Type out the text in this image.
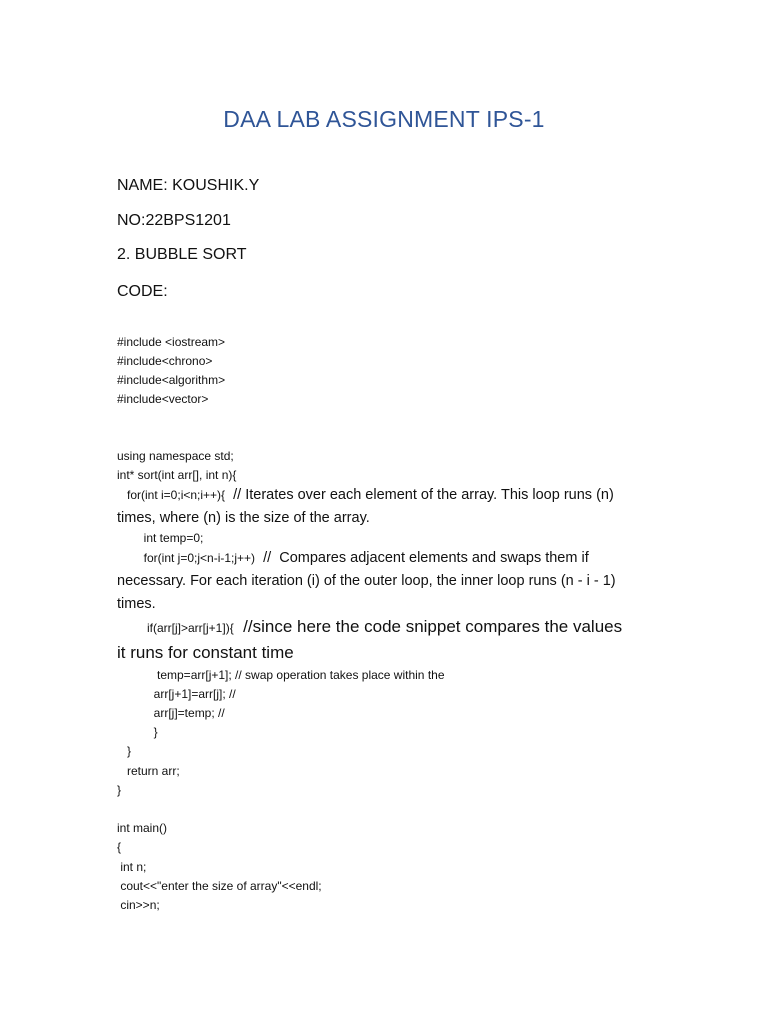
DAA LAB ASSIGNMENT IPS-1
NAME: KOUSHIK.Y
NO:22BPS1201
2. BUBBLE SORT
CODE:
#include <iostream>
#include<chrono>
#include<algorithm>
#include<vector>
using namespace std;
int* sort(int arr[], int n){
for(int i=0;i<n;i++){ // Iterates over each element of the array. This loop runs (n)
times, where (n) is the size of the array.
int temp=0;
for(int j=0;j<n-i-1;j++) //  Compares adjacent elements and swaps them if
necessary. For each iteration (i) of the outer loop, the inner loop runs (n - i - 1)
times.
if(arr[j]>arr[j+1]){ //since here the code snippet compares the values
it runs for constant time
temp=arr[j+1]; // swap operation takes place within the
arr[j+1]=arr[j]; //
arr[j]=temp; //
}
}
return arr;
}
int main()
{
int n;
cout<<"enter the size of array"<<endl;
cin>>n;
